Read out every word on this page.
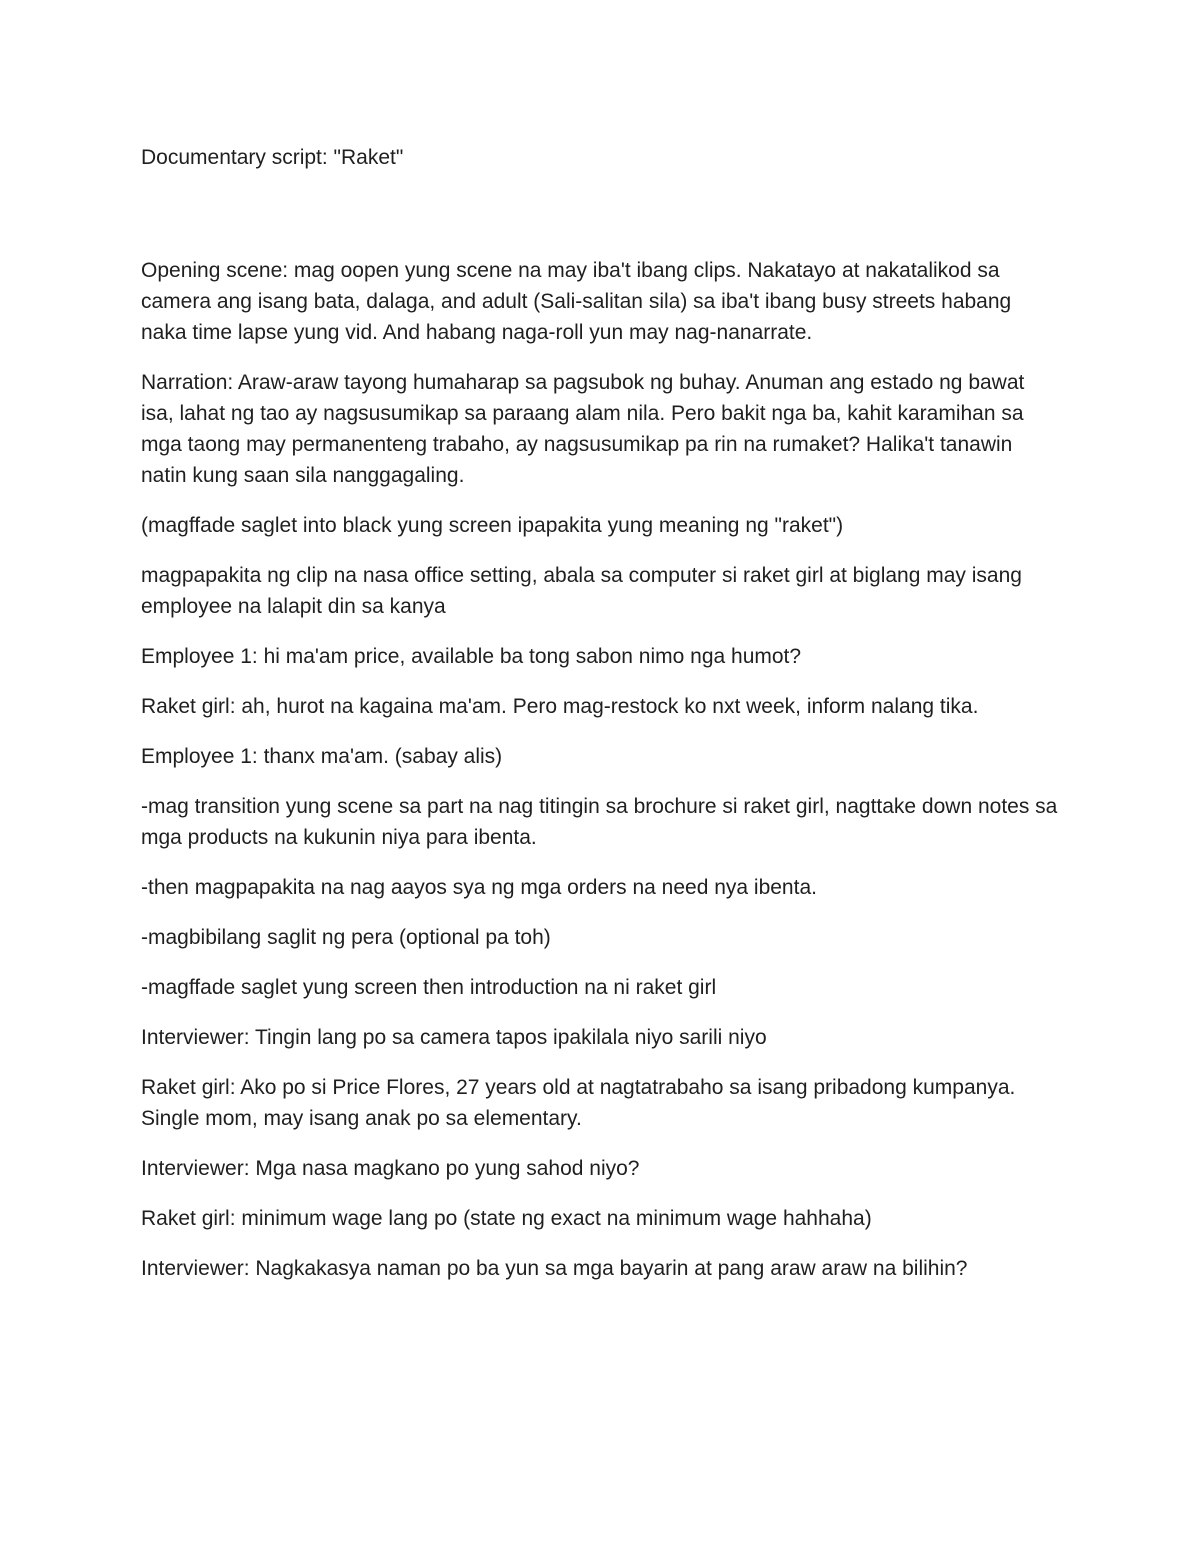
Documentary script: "Raket"

Opening scene: mag oopen yung scene na may iba't ibang clips. Nakatayo at nakatalikod sa camera ang isang bata, dalaga, and adult (Sali-salitan sila) sa iba't ibang busy streets habang naka time lapse yung vid. And habang naga-roll yun may nag-nanarrate.

Narration: Araw-araw tayong humaharap sa pagsubok ng buhay. Anuman ang estado ng bawat isa, lahat ng tao ay nagsusumikap sa paraang alam nila. Pero bakit nga ba, kahit karamihan sa mga taong may permanenteng trabaho, ay nagsusumikap pa rin na rumaket? Halika't tanawin natin kung saan sila nanggagaling.

(magffade saglet into black yung screen ipapakita yung meaning ng "raket")

magpapakita ng clip na nasa office setting, abala sa computer si raket girl at biglang may isang employee na lalapit din sa kanya

Employee 1: hi ma'am price, available ba tong sabon nimo nga humot?

Raket girl: ah, hurot na kagaina ma'am. Pero mag-restock ko nxt week, inform nalang tika.

Employee 1: thanx ma'am. (sabay alis)

-mag transition yung scene sa part na nag titingin sa brochure si raket girl, nagttake down notes sa mga products na kukunin niya para ibenta.

-then magpapakita na nag aayos sya ng mga orders na need nya ibenta.

-magbibilang saglit ng pera (optional pa toh)

-magffade saglet yung screen then introduction na ni raket girl

Interviewer: Tingin lang po sa camera tapos ipakilala niyo sarili niyo

Raket girl: Ako po si Price Flores, 27 years old at nagtatrabaho sa isang pribadong kumpanya. Single mom, may isang anak po sa elementary.

Interviewer: Mga nasa magkano po yung sahod niyo?

Raket girl: minimum wage lang po (state ng exact na minimum wage hahhaha)

Interviewer: Nagkakasya naman po ba yun sa mga bayarin at pang araw araw na bilihin?
